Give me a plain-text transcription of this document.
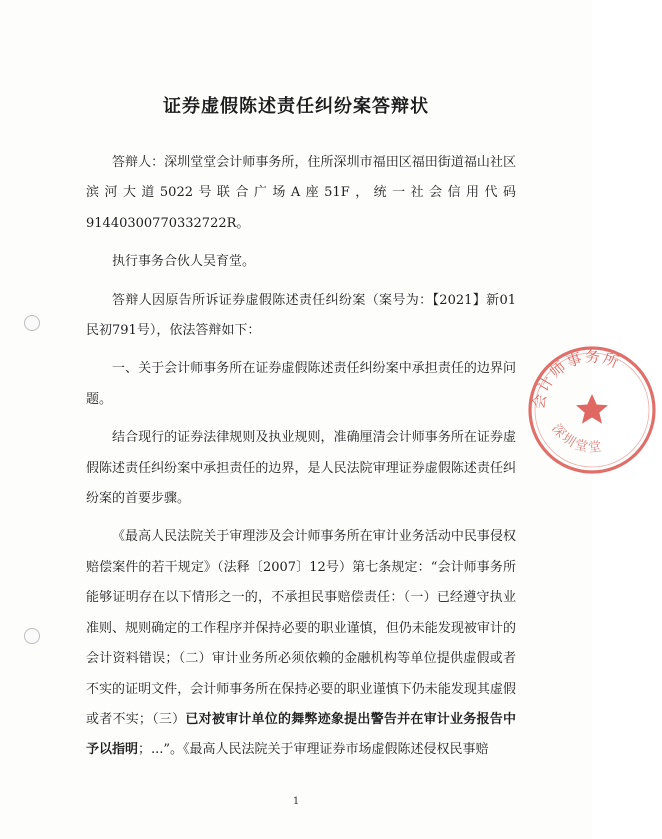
证券虚假陈述责任纠纷案答辩状

答辩人：深圳堂堂会计师事务所，住所深圳市福田区福田街道福山社区滨河大道5022号联合广场A座51F，统一社会信用代码91440300770332722R。

执行事务合伙人吴育堂。

答辩人因原告所诉证券虚假陈述责任纠纷案（案号为：【2021】新01民初791号），依法答辩如下：

一、关于会计师事务所在证券虚假陈述责任纠纷案中承担责任的边界问题。

结合现行的证券法律规则及执业规则，准确厘清会计师事务所在证券虚假陈述责任纠纷案中承担责任的边界，是人民法院审理证券虚假陈述责任纠纷案的首要步骤。

《最高人民法院关于审理涉及会计师事务所在审计业务活动中民事侵权赔偿案件的若干规定》（法释〔2007〕12号）第七条规定：“会计师事务所能够证明存在以下情形之一的，不承担民事赔偿责任：（一）已经遵守执业准则、规则确定的工作程序并保持必要的职业谨慎，但仍未能发现被审计的会计资料错误；（二）审计业务所必须依赖的金融机构等单位提供虚假或者不实的证明文件，会计师事务所在保持必要的职业谨慎下仍未能发现其虚假或者不实；（三）已对被审计单位的舞弊迹象提出警告并在审计业务报告中予以指明；...”。《最高人民法院关于审理证券市场虚假陈述侵权民事赔

会计师事务所
深圳堂堂
1
